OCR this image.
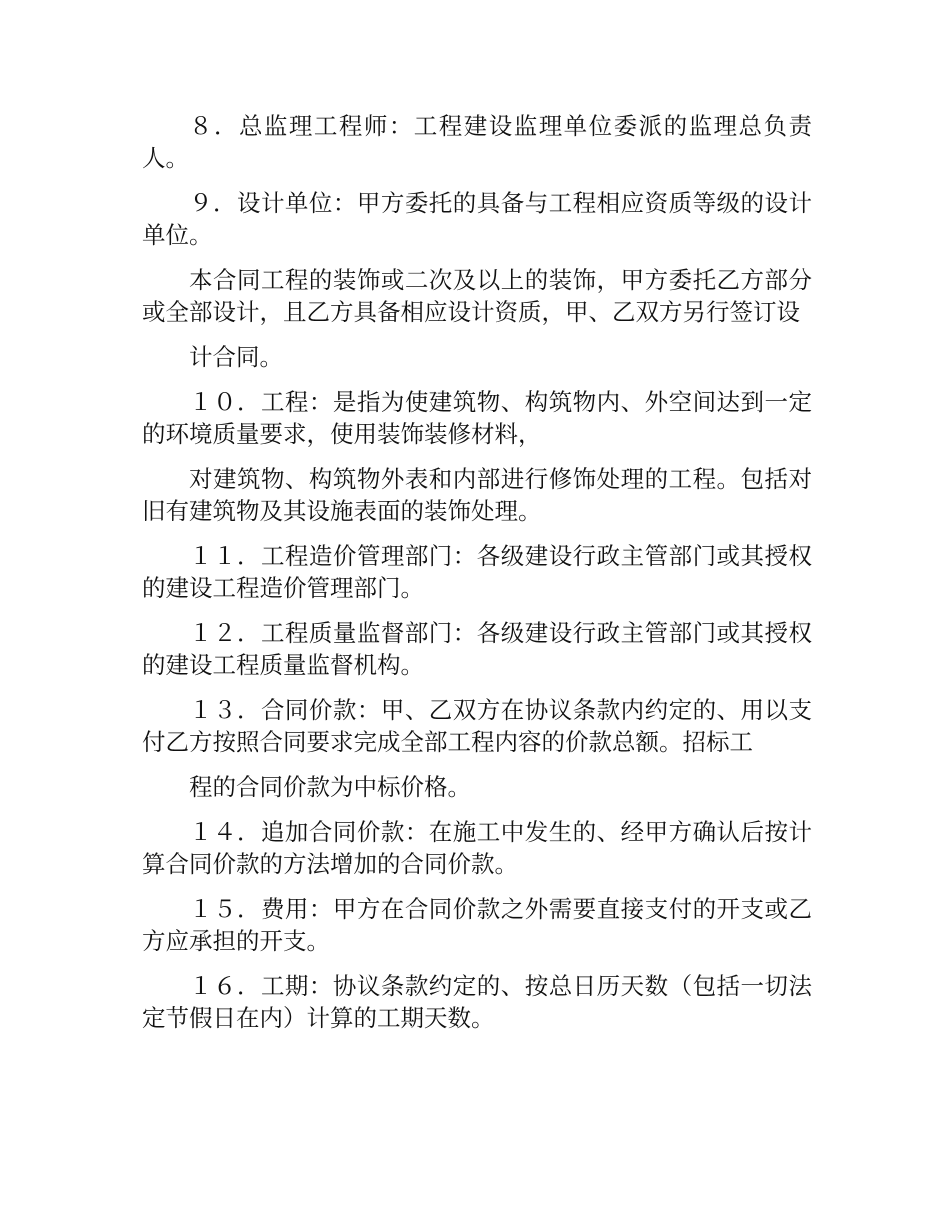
８．总监理工程师：工程建设监理单位委派的监理总负责人。

９．设计单位：甲方委托的具备与工程相应资质等级的设计单位。

本合同工程的装饰或二次及以上的装饰，甲方委托乙方部分或全部设计，且乙方具备相应设计资质，甲、乙双方另行签订设

计合同。

１０．工程：是指为使建筑物、构筑物内、外空间达到一定的环境质量要求，使用装饰装修材料，

对建筑物、构筑物外表和内部进行修饰处理的工程。包括对旧有建筑物及其设施表面的装饰处理。

１１．工程造价管理部门：各级建设行政主管部门或其授权的建设工程造价管理部门。

１２．工程质量监督部门：各级建设行政主管部门或其授权的建设工程质量监督机构。

１３．合同价款：甲、乙双方在协议条款内约定的、用以支付乙方按照合同要求完成全部工程内容的价款总额。招标工

程的合同价款为中标价格。

１４．追加合同价款：在施工中发生的、经甲方确认后按计算合同价款的方法增加的合同价款。

１５．费用：甲方在合同价款之外需要直接支付的开支或乙方应承担的开支。

１６．工期：协议条款约定的、按总日历天数（包括一切法定节假日在内）计算的工期天数。
